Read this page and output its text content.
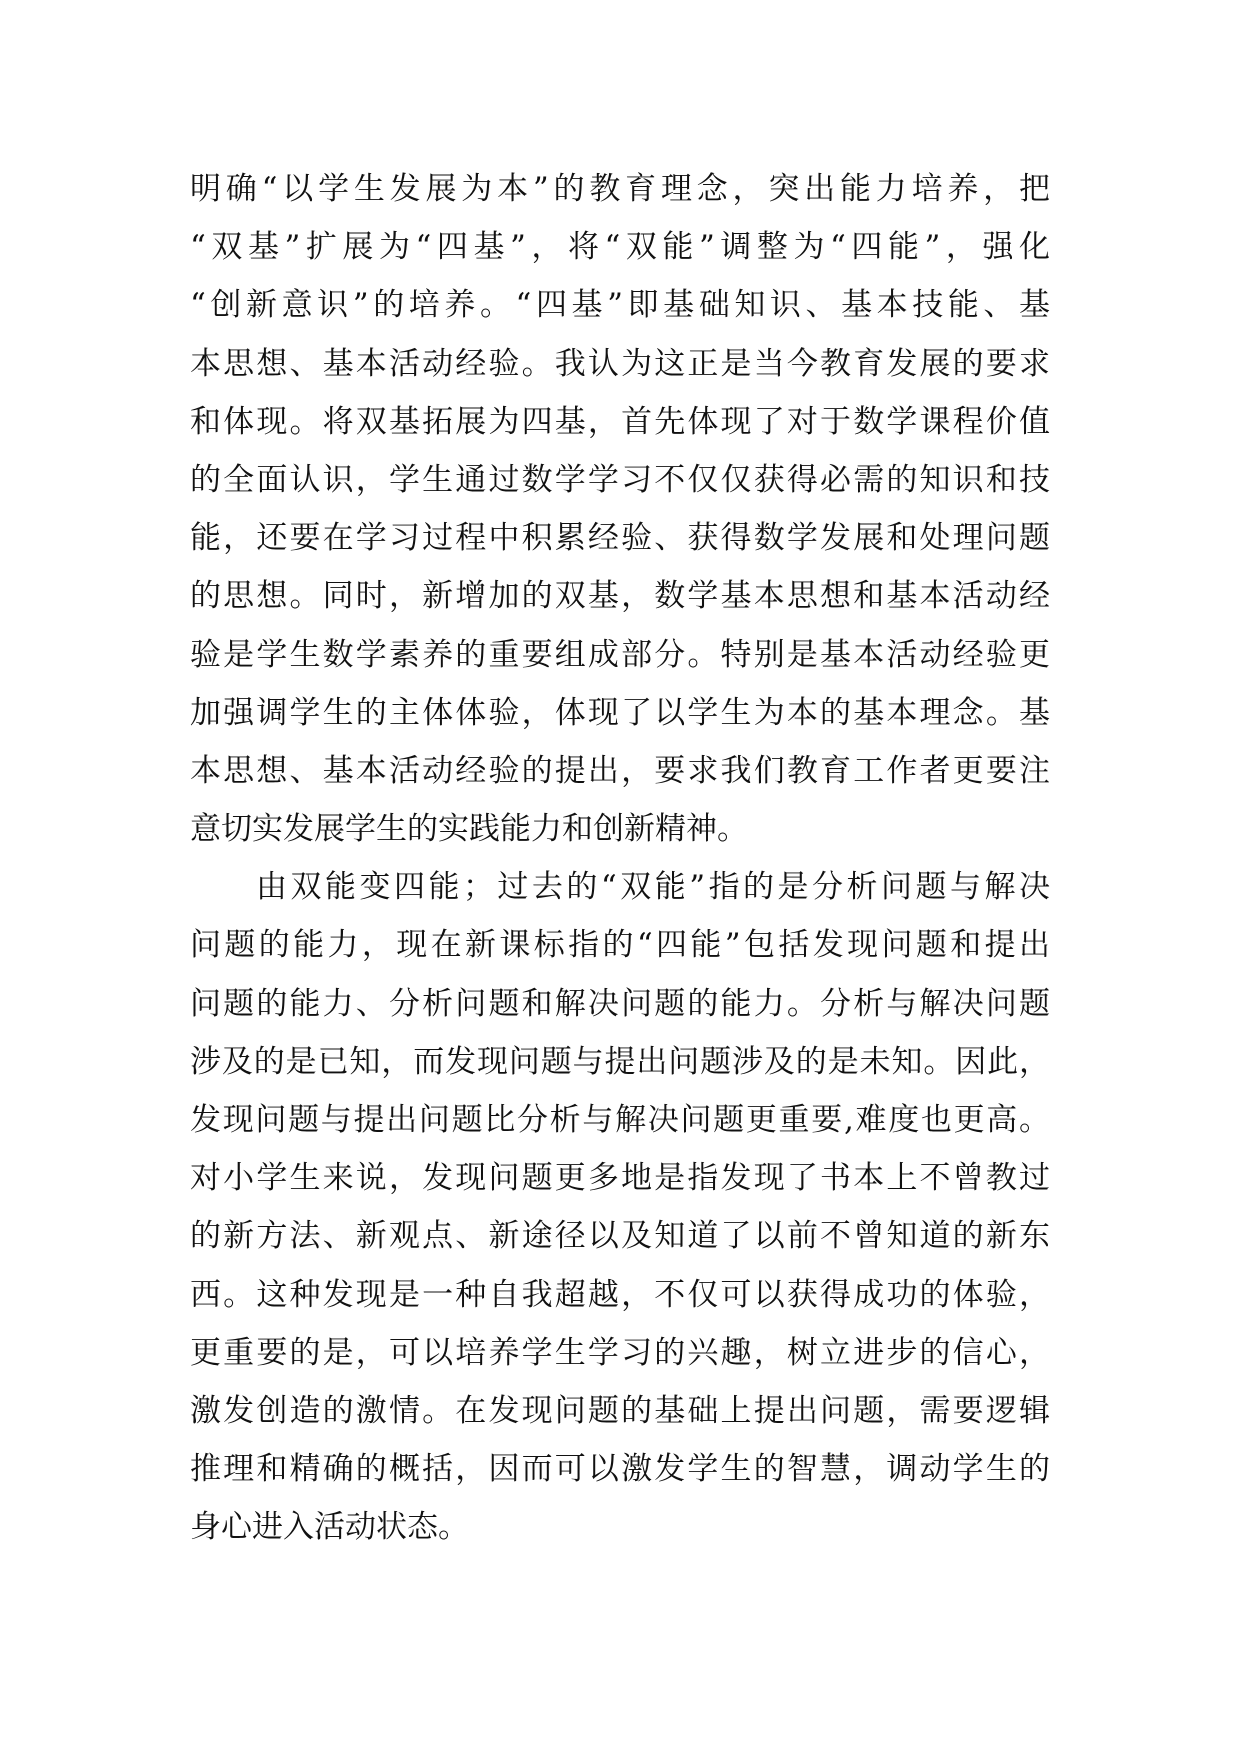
明确“以学生发展为本”的教育理念，突出能力培养，把
“双基”扩展为“四基”，将“双能”调整为“四能”，强化
“创新意识”的培养。“四基”即基础知识、基本技能、基
本思想、基本活动经验。我认为这正是当今教育发展的要求
和体现。将双基拓展为四基，首先体现了对于数学课程价值
的全面认识，学生通过数学学习不仅仅获得必需的知识和技
能，还要在学习过程中积累经验、获得数学发展和处理问题
的思想。同时，新增加的双基，数学基本思想和基本活动经
验是学生数学素养的重要组成部分。特别是基本活动经验更
加强调学生的主体体验，体现了以学生为本的基本理念。基
本思想、基本活动经验的提出，要求我们教育工作者更要注
意切实发展学生的实践能力和创新精神。
由双能变四能；过去的“双能”指的是分析问题与解决
问题的能力，现在新课标指的“四能”包括发现问题和提出
问题的能力、分析问题和解决问题的能力。分析与解决问题
涉及的是已知，而发现问题与提出问题涉及的是未知。因此，
发现问题与提出问题比分析与解决问题更重要,难度也更高。
对小学生来说，发现问题更多地是指发现了书本上不曾教过
的新方法、新观点、新途径以及知道了以前不曾知道的新东
西。这种发现是一种自我超越，不仅可以获得成功的体验，
更重要的是，可以培养学生学习的兴趣，树立进步的信心，
激发创造的激情。在发现问题的基础上提出问题，需要逻辑
推理和精确的概括，因而可以激发学生的智慧，调动学生的
身心进入活动状态。
